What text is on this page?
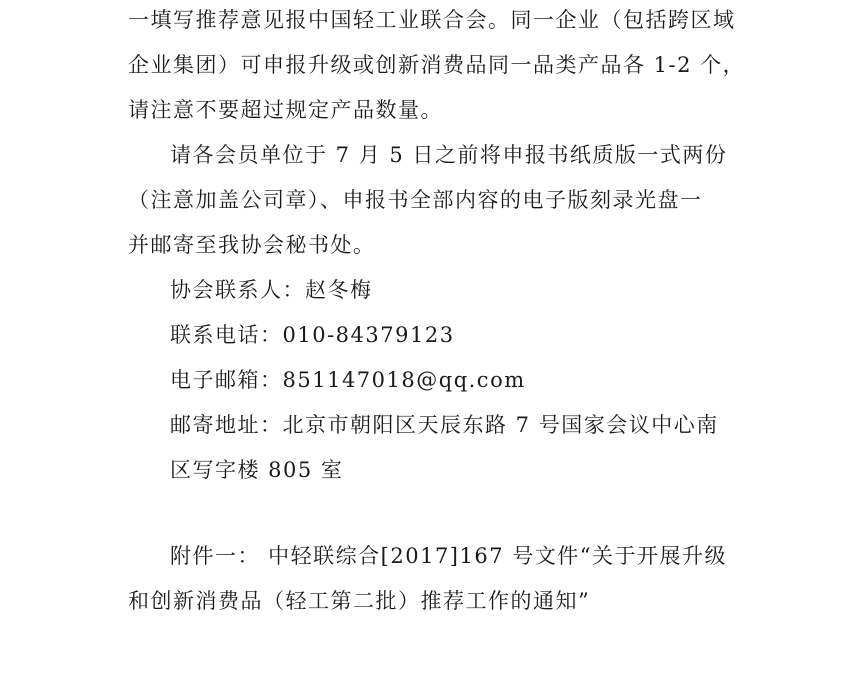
一填写推荐意见报中国轻工业联合会。同一企业（包括跨区域
企业集团）可申报升级或创新消费品同一品类产品各 1-2 个，
请注意不要超过规定产品数量。
请各会员单位于 7 月 5 日之前将申报书纸质版一式两份
（注意加盖公司章）、申报书全部内容的电子版刻录光盘一
并邮寄至我协会秘书处。
协会联系人：赵冬梅
联系电话：010-84379123
电子邮箱：851147018@qq.com
邮寄地址：北京市朝阳区天辰东路 7 号国家会议中心南
区写字楼 805 室
附件一： 中轻联综合[2017]167 号文件“关于开展升级
和创新消费品（轻工第二批）推荐工作的通知”
